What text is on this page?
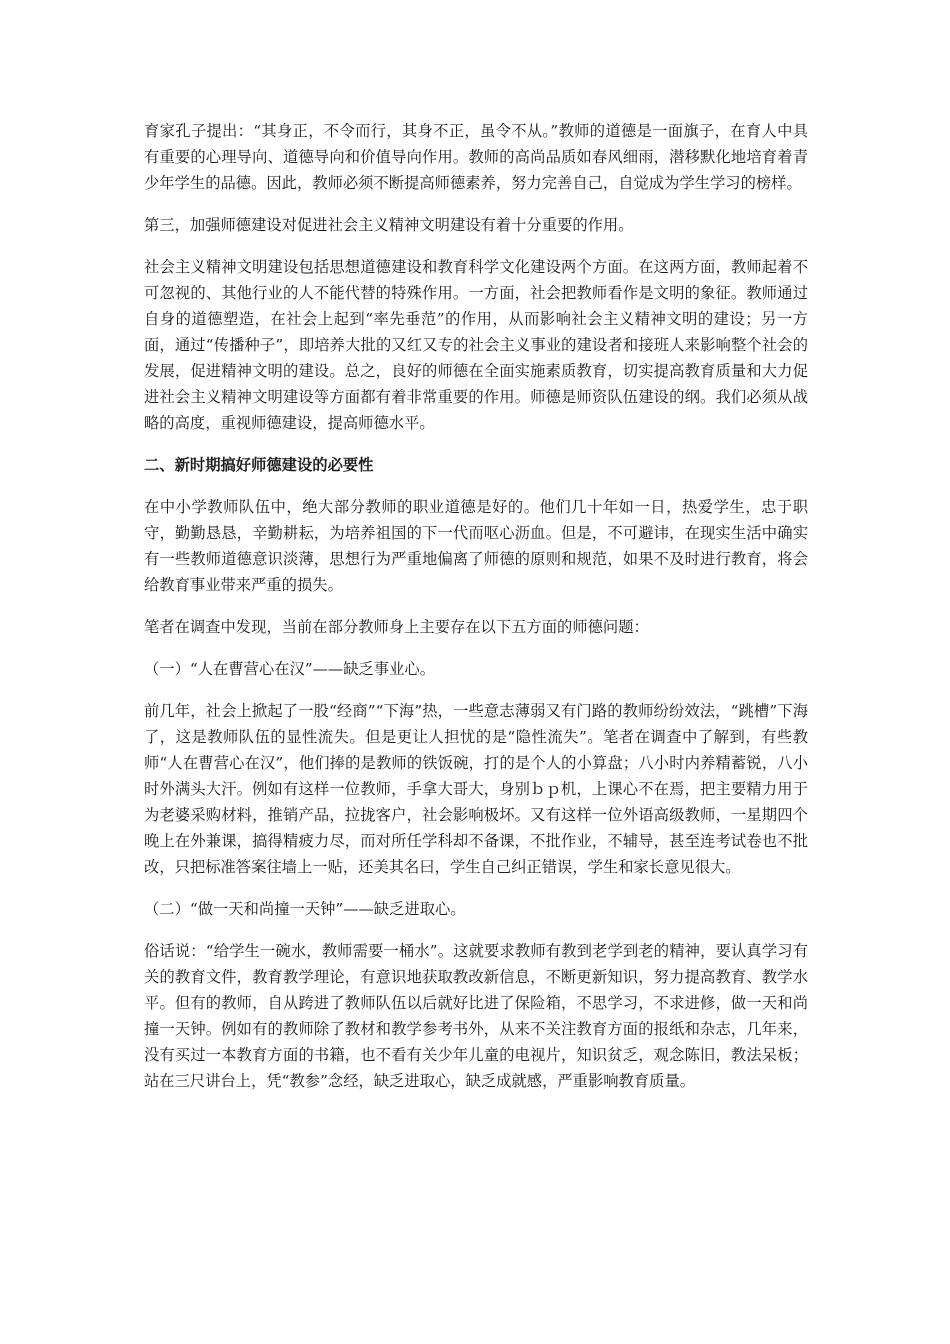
育家孔子提出：“其身正，不令而行，其身不正，虽令不从。”教师的道德是一面旗子，在育人中具有重要的心理导向、道德导向和价值导向作用。教师的高尚品质如春风细雨，潜移默化地培育着青少年学生的品德。因此，教师必须不断提高师德素养，努力完善自己，自觉成为学生学习的榜样。

第三，加强师德建设对促进社会主义精神文明建设有着十分重要的作用。

社会主义精神文明建设包括思想道德建设和教育科学文化建设两个方面。在这两方面，教师起着不可忽视的、其他行业的人不能代替的特殊作用。一方面，社会把教师看作是文明的象征。教师通过自身的道德塑造，在社会上起到“率先垂范”的作用，从而影响社会主义精神文明的建设；另一方面，通过“传播种子”，即培养大批的又红又专的社会主义事业的建设者和接班人来影响整个社会的发展，促进精神文明的建设。总之，良好的师德在全面实施素质教育，切实提高教育质量和大力促进社会主义精神文明建设等方面都有着非常重要的作用。师德是师资队伍建设的纲。我们必须从战略的高度，重视师德建设，提高师德水平。

二、新时期搞好师德建设的必要性

在中小学教师队伍中，绝大部分教师的职业道德是好的。他们几十年如一日，热爱学生，忠于职守，勤勤恳恳，辛勤耕耘，为培养祖国的下一代而呕心沥血。但是，不可避讳，在现实生活中确实有一些教师道德意识淡薄，思想行为严重地偏离了师德的原则和规范，如果不及时进行教育，将会给教育事业带来严重的损失。

笔者在调查中发现，当前在部分教师身上主要存在以下五方面的师德问题：

（一）“人在曹营心在汉”——缺乏事业心。

前几年，社会上掀起了一股“经商”“下海”热，一些意志薄弱又有门路的教师纷纷效法，“跳槽”下海了，这是教师队伍的显性流失。但是更让人担忧的是“隐性流失”。笔者在调查中了解到，有些教师“人在曹营心在汉”，他们捧的是教师的铁饭碗，打的是个人的小算盘；八小时内养精蓄锐，八小时外满头大汗。例如有这样一位教师，手拿大哥大，身别ｂｐ机，上课心不在焉，把主要精力用于为老婆采购材料，推销产品，拉拢客户，社会影响极坏。又有这样一位外语高级教师，一星期四个晚上在外兼课，搞得精疲力尽，而对所任学科却不备课，不批作业，不辅导，甚至连考试卷也不批改，只把标准答案往墙上一贴，还美其名曰，学生自己纠正错误，学生和家长意见很大。

（二）“做一天和尚撞一天钟”——缺乏进取心。

俗话说：“给学生一碗水，教师需要一桶水”。这就要求教师有教到老学到老的精神，要认真学习有关的教育文件，教育教学理论，有意识地获取教改新信息，不断更新知识，努力提高教育、教学水平。但有的教师，自从跨进了教师队伍以后就好比进了保险箱，不思学习，不求进修，做一天和尚撞一天钟。例如有的教师除了教材和教学参考书外，从来不关注教育方面的报纸和杂志，几年来，没有买过一本教育方面的书籍，也不看有关少年儿童的电视片，知识贫乏，观念陈旧，教法呆板；站在三尺讲台上，凭“教参”念经，缺乏进取心，缺乏成就感，严重影响教育质量。
